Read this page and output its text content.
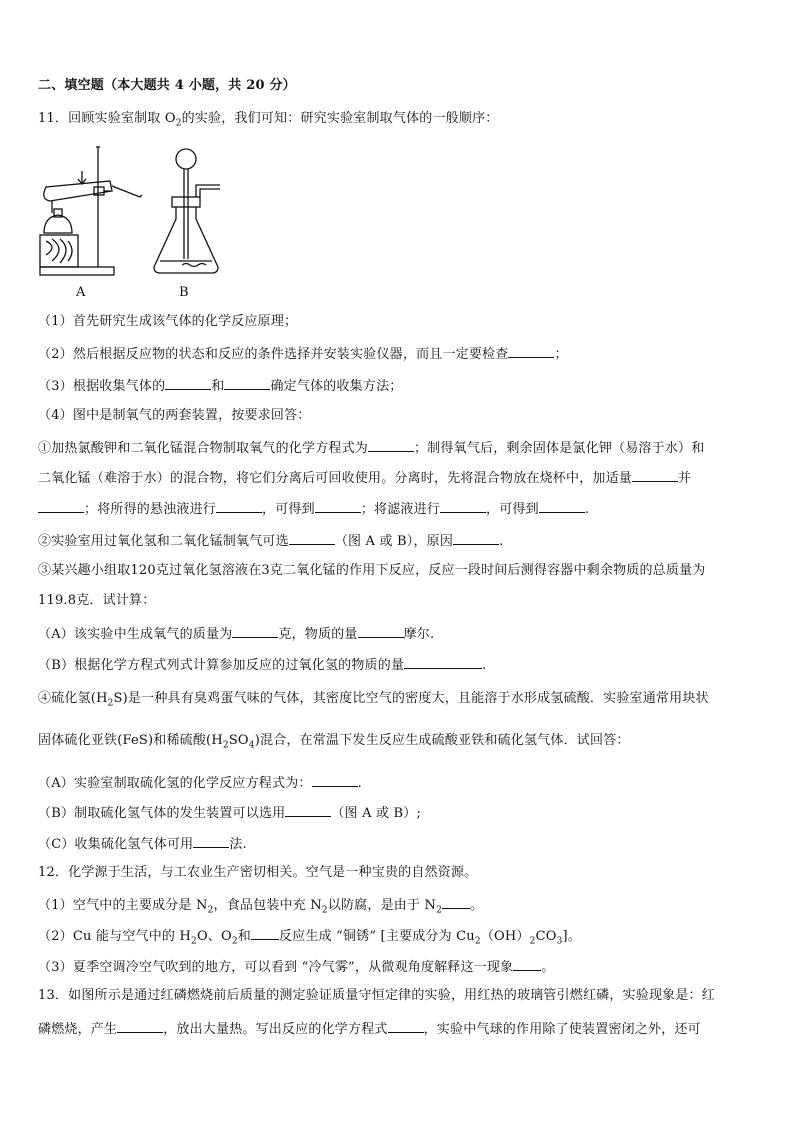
二、填空题（本大题共 4 小题，共 20 分）
11．回顾实验室制取 $O_2$的实验，我们可知：研究实验室制取气体的一般顺序：
A	B
（1）首先研究生成该气体的化学反应原理；
（2）然后根据反应物的状态和反应的条件选择并安装实验仪器，而且一定要检查	；
（3）根据收集气体的	和	确定气体的收集方法；
（4）图中是制氧气的两套装置，按要求回答：
①加热氯酸钾和二氧化锰混合物制取氧气的化学方程式为	；制得氧气后，剩余固体是氯化钾（易溶于水）和
二氧化锰（难溶于水）的混合物，将它们分离后可回收使用。分离时，先将混合物放在烧杯中，加适量	并
；将所得的悬浊液进行	，可得到	；将滤液进行	，可得到	.
②实验室用过氧化氢和二氧化锰制氧气可选	（图 A 或 B），原因	.
③某兴趣小组取120克过氧化氢溶液在3克二氧化锰的作用下反应，反应一段时间后测得容器中剩余物质的总质量为
119.8克．试计算：
（A）该实验中生成氧气的质量为	克，物质的量	摩尔.
（B）根据化学方程式列式计算参加反应的过氧化氢的物质的量	.
④硫化氢$(H_2S)$是一种具有臭鸡蛋气味的气体，其密度比空气的密度大，且能溶于水形成氢硫酸．实验室通常用块状
固体硫化亚铁(FeS)和稀硫酸$(H_2SO_4)$混合，在常温下发生反应生成硫酸亚铁和硫化氢气体．试回答：
（A）实验室制取硫化氢的化学反应方程式为：	.
（B）制取硫化氢气体的发生装置可以选用	（图 A 或 B）;
（C）收集硫化氢气体可用	法.
12．化学源于生活，与工农业生产密切相关。空气是一种宝贵的自然资源。
（1）空气中的主要成分是 $N_2$，食品包装中充 $N_2$以防腐，是由于 $N_2$ 。
（2）Cu 能与空气中的 $H_2O$、$O_2$和 反应生成 “铜锈” [主要成分为 $Cu_2(OH)_2CO_3$]。
（3）夏季空调冷空气吹到的地方，可以看到 “冷气雾”，从微观角度解释这一现象 。
13．如图所示是通过红磷燃烧前后质量的测定验证质量守恒定律的实验，用红热的玻璃管引燃红磷，实验现象是：红
磷燃烧，产生	，放出大量热。写出反应的化学方程式	，实验中气球的作用除了使装置密闭之外，还可
